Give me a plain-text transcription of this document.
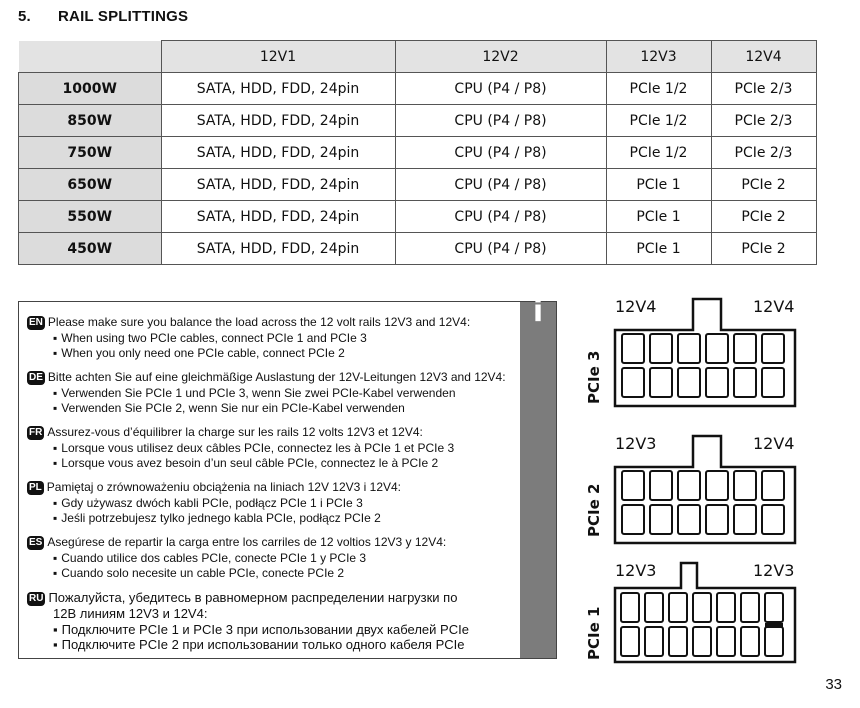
5. RAIL SPLITTINGS
	12V1	12V2	12V3	12V4
1000W	SATA, HDD, FDD, 24pin	CPU (P4 / P8)	PCIe 1/2	PCIe 2/3
850W	SATA, HDD, FDD, 24pin	CPU (P4 / P8)	PCIe 1/2	PCIe 2/3
750W	SATA, HDD, FDD, 24pin	CPU (P4 / P8)	PCIe 1/2	PCIe 2/3
650W	SATA, HDD, FDD, 24pin	CPU (P4 / P8)	PCIe 1	PCIe 2
550W	SATA, HDD, FDD, 24pin	CPU (P4 / P8)	PCIe 1	PCIe 2
450W	SATA, HDD, FDD, 24pin	CPU (P4 / P8)	PCIe 1	PCIe 2
i
EN Please make sure you balance the load across the 12 volt rails 12V3 and 12V4:
▪ When using two PCIe cables, connect PCIe 1 and PCIe 3
▪ When you only need one PCIe cable, connect PCIe 2
DE Bitte achten Sie auf eine gleichmäßige Auslastung der 12V-Leitungen 12V3 and 12V4:
▪ Verwenden Sie PCIe 1 und PCIe 3, wenn Sie zwei PCIe-Kabel verwenden
▪ Verwenden Sie PCIe 2, wenn Sie nur ein PCIe-Kabel verwenden
FR Assurez-vous d’équilibrer la charge sur les rails 12 volts 12V3 et 12V4:
▪ Lorsque vous utilisez deux câbles PCIe, connectez les à PCIe 1 et PCIe 3
▪ Lorsque vous avez besoin d’un seul câble PCIe, connectez le à PCIe 2
PL Pamiętaj o zrównoważeniu obciążenia na liniach 12V 12V3 i 12V4:
▪ Gdy używasz dwóch kabli PCIe, podłącz PCIe 1 i PCIe 3
▪ Jeśli potrzebujesz tylko jednego kabla PCIe, podłącz PCIe 2
ES Asegúrese de repartir la carga entre los carriles de 12 voltios 12V3 y 12V4:
▪ Cuando utilice dos cables PCIe, conecte PCIe 1 y PCIe 3
▪ Cuando solo necesite un cable PCIe, conecte PCIe 2
RU Пожалуйста, убедитесь в равномерном распределении нагрузки по
12В линиям 12V3 и 12V4:
▪ Подключите PCIe 1 и PCIe 3 при использовании двух кабелей PCIe
▪ Подключите PCIe 2 при использовании только одного кабеля PCIe
12V4	12V4
PCIe 3
12V3	12V4
PCIe 2
12V3	12V3
PCIe 1
33
